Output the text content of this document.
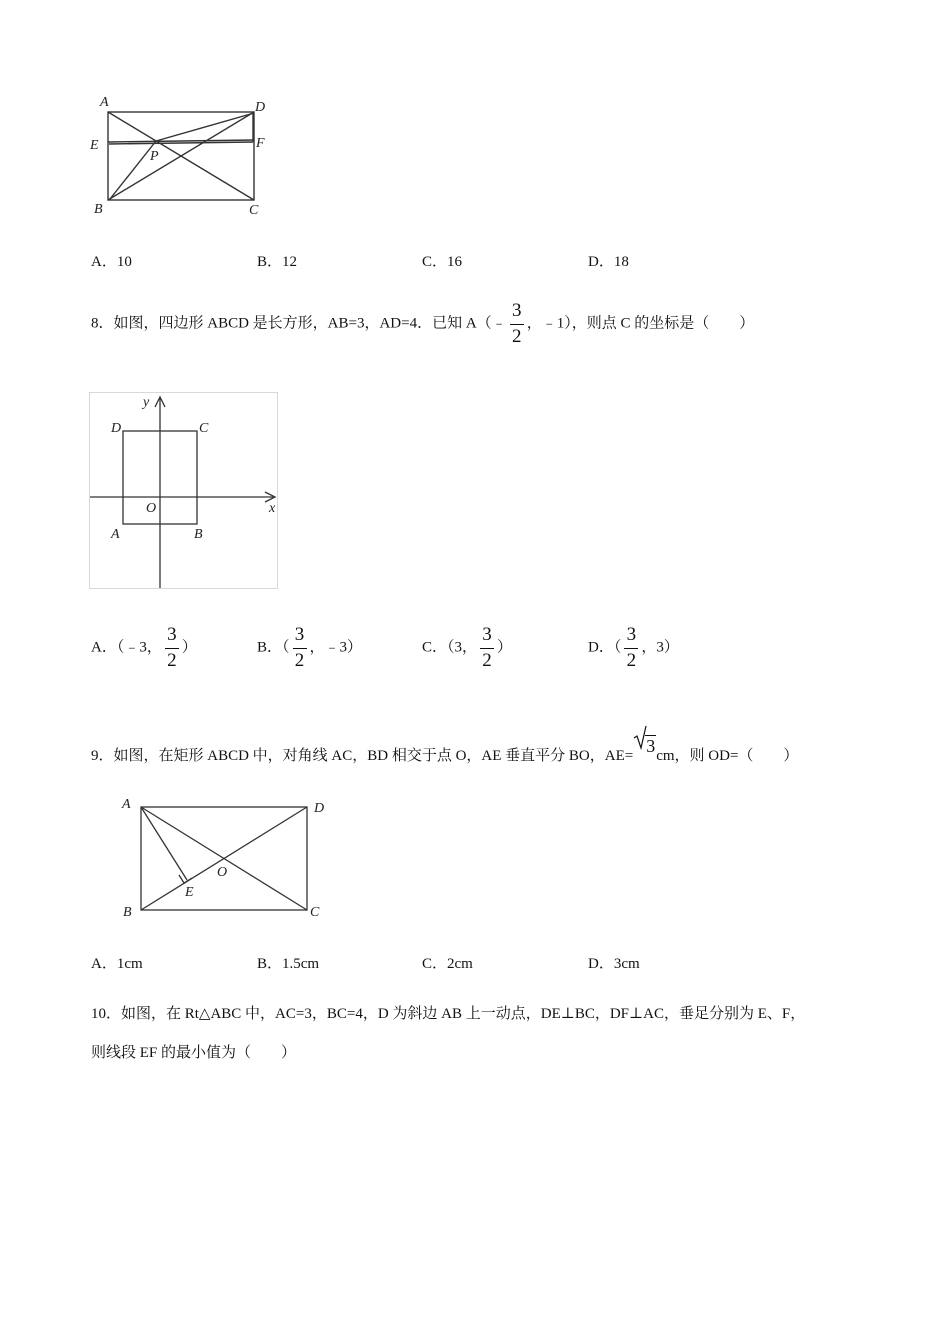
A	D
E	F
P
B	C
A．10	B．12	C．16	D．18
8．如图，四边形 ABCD 是长方形，AB=3，AD=4．已知 A（﹣ $\frac{3}{2}$ ，﹣1），则点 C 的坐标是（　　）
y
x
D	C
O
A	B
A．（﹣3， $\frac{3}{2}$ ）	B．（ $\frac{3}{2}$ ，﹣3）	C．（3， $\frac{3}{2}$ ）	D．（ $\frac{3}{2}$ ，3）
9．如图，在矩形 ABCD 中，对角线 AC，BD 相交于点 O，AE 垂直平分 BO，AE= 3cm，则 OD=（　　）
A	D
B	C
E
O
A．1cm	B．1.5cm	C．2cm	D．3cm
10．如图，在 Rt△ABC 中，AC=3，BC=4，D 为斜边 AB 上一动点，DE⊥BC，DF⊥AC，垂足分别为 E、F，
则线段 EF 的最小值为（　　）
